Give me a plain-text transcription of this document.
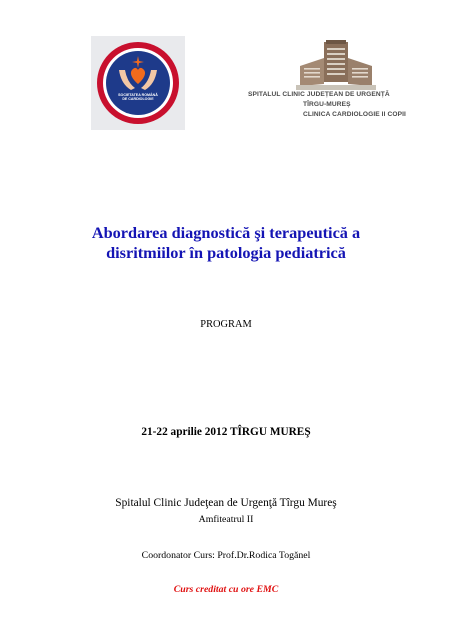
SOCIETATEA ROMÂNĂ
DE CARDIOLOGIE
SPITALUL CLINIC JUDEȚEAN DE URGENȚĂ
TÎRGU-MUREȘ
CLINICA CARDIOLOGIE II COPII
Abordarea diagnostică şi terapeutică a
disritmiilor în patologia pediatrică
PROGRAM
21-22 aprilie 2012 TÎRGU MUREŞ
Spitalul Clinic Judeţean de Urgenţă Tîrgu Mureş
Amfiteatrul II
Coordonator Curs: Prof.Dr.Rodica Togănel
Curs creditat cu ore EMC
